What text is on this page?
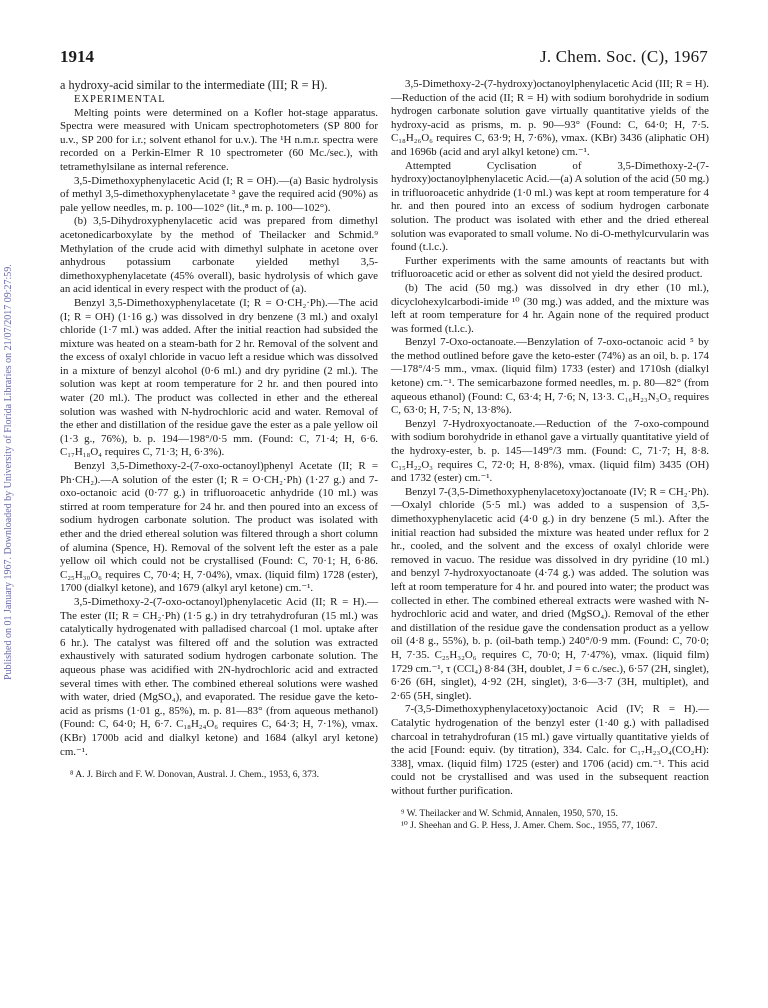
1914	J. Chem. Soc. (C), 1967
Published on 01 January 1967. Downloaded by University of Florida Libraries on 21/07/2017 09:27:59.

a hydroxy-acid similar to the intermediate (III; R = H).

EXPERIMENTAL

Melting points were determined on a Kofler hot-stage apparatus. Spectra were measured with Unicam spectrophotometers (SP 800 for u.v., SP 200 for i.r.; solvent ethanol for u.v.). The ¹H n.m.r. spectra were recorded on a Perkin-Elmer R 10 spectrometer (60 Mc./sec.), with tetramethylsilane as internal reference.

3,5-Dimethoxyphenylacetic Acid (I; R = OH).—(a) Basic hydrolysis of methyl 3,5-dimethoxyphenylacetate ³ gave the required acid (90%) as pale yellow needles, m. p. 100—102° (lit.,⁸ m. p. 100—102°).

(b) 3,5-Dihydroxyphenylacetic acid was prepared from dimethyl acetonedicarboxylate by the method of Theilacker and Schmid.⁹ Methylation of the crude acid with dimethyl sulphate in acetone over anhydrous potassium carbonate yielded methyl 3,5-dimethoxyphenylacetate (45% overall), basic hydrolysis of which gave an acid identical in every respect with the product of (a).

Benzyl 3,5-Dimethoxyphenylacetate (I; R = O·CH₂·Ph).—The acid (I; R = OH) (1·16 g.) was dissolved in dry benzene (3 ml.) and oxalyl chloride (1·7 ml.) was added. After the initial reaction had subsided the mixture was heated on a steam-bath for 2 hr. Removal of the solvent and the excess of oxalyl chloride in vacuo left a residue which was dissolved in a mixture of benzyl alcohol (0·6 ml.) and dry pyridine (2 ml.). The solution was kept at room temperature for 2 hr. and then poured into water (20 ml.). The product was collected in ether and the ethereal solution was washed with N-hydrochloric acid and water. Removal of the ether and distillation of the residue gave the ester as a pale yellow oil (1·3 g., 76%), b. p. 194—198°/0·5 mm. (Found: C, 71·4; H, 6·6. C₁₇H₁₈O₄ requires C, 71·3; H, 6·3%).

Benzyl 3,5-Dimethoxy-2-(7-oxo-octanoyl)phenyl Acetate (II; R = Ph·CH₂).—A solution of the ester (I; R = O·CH₂·Ph) (1·27 g.) and 7-oxo-octanoic acid (0·77 g.) in trifluoroacetic anhydride (10 ml.) was stirred at room temperature for 24 hr. and then poured into an excess of sodium hydrogen carbonate solution. The product was isolated with ether and the dried ethereal solution was filtered through a short column of alumina (Spence, H). Removal of the solvent left the ester as a pale yellow oil which could not be crystallised (Found: C, 70·1; H, 6·86. C₂₅H₃₀O₆ requires C, 70·4; H, 7·04%), νmax. (liquid film) 1728 (ester), 1700 (dialkyl ketone), and 1679 (alkyl aryl ketone) cm.⁻¹.

3,5-Dimethoxy-2-(7-oxo-octanoyl)phenylacetic Acid (II; R = H).—The ester (II; R = CH₂·Ph) (1·5 g.) in dry tetrahydrofuran (15 ml.) was catalytically hydrogenated with palladised charcoal (1 mol. uptake after 6 hr.). The catalyst was filtered off and the solution was extracted exhaustively with saturated sodium hydrogen carbonate solution. The aqueous phase was acidified with 2N-hydrochloric acid and extracted several times with ether. The combined ethereal solutions were washed with water, dried (MgSO₄), and evaporated. The residue gave the keto-acid as prisms (1·01 g., 85%), m. p. 81—83° (from aqueous methanol) (Found: C, 64·0; H, 6·7. C₁₈H₂₄O₆ requires C, 64·3; H, 7·1%), νmax. (KBr) 1700b acid and dialkyl ketone) and 1684 (alkyl aryl ketone) cm.⁻¹.

⁸ A. J. Birch and F. W. Donovan, Austral. J. Chem., 1953, 6, 373.

3,5-Dimethoxy-2-(7-hydroxy)octanoylphenylacetic Acid (III; R = H).—Reduction of the acid (II; R = H) with sodium borohydride in sodium hydrogen carbonate solution gave virtually quantitative yields of the hydroxy-acid as prisms, m. p. 90—93° (Found: C, 64·0; H, 7·5. C₁₈H₂₆O₆ requires C, 63·9; H, 7·6%), νmax. (KBr) 3436 (aliphatic OH) and 1696b (acid and aryl alkyl ketone) cm.⁻¹.

Attempted Cyclisation of 3,5-Dimethoxy-2-(7-hydroxy)octanoylphenylacetic Acid.—(a) A solution of the acid (50 mg.) in trifluoroacetic anhydride (1·0 ml.) was kept at room temperature for 4 hr. and then poured into an excess of sodium hydrogen carbonate solution. The product was isolated with ether and the dried ethereal solution was evaporated to small volume. No di-O-methylcurvularin was found (t.l.c.).

Further experiments with the same amounts of reactants but with trifluoroacetic acid or ether as solvent did not yield the desired product.

(b) The acid (50 mg.) was dissolved in dry ether (10 ml.), dicyclohexylcarbodi-imide ¹⁰ (30 mg.) was added, and the mixture was left at room temperature for 4 hr. Again none of the required product was formed (t.l.c.).

Benzyl 7-Oxo-octanoate.—Benzylation of 7-oxo-octanoic acid ⁵ by the method outlined before gave the keto-ester (74%) as an oil, b. p. 174—178°/4·5 mm., νmax. (liquid film) 1733 (ester) and 1710sh (dialkyl ketone) cm.⁻¹. The semicarbazone formed needles, m. p. 80—82° (from aqueous ethanol) (Found: C, 63·4; H, 7·6; N, 13·3. C₁₆H₂₃N₃O₃ requires C, 63·0; H, 7·5; N, 13·8%).

Benzyl 7-Hydroxyoctanoate.—Reduction of the 7-oxo-compound with sodium borohydride in ethanol gave a virtually quantitative yield of the hydroxy-ester, b. p. 145—149°/3 mm. (Found: C, 71·7; H, 8·8. C₁₅H₂₂O₃ requires C, 72·0; H, 8·8%), νmax. (liquid film) 3435 (OH) and 1732 (ester) cm.⁻¹.

Benzyl 7-(3,5-Dimethoxyphenylacetoxy)octanoate (IV; R = CH₂·Ph).—Oxalyl chloride (5·5 ml.) was added to a suspension of 3,5-dimethoxyphenylacetic acid (4·0 g.) in dry benzene (5 ml.). After the initial reaction had subsided the mixture was heated under reflux for 2 hr., cooled, and the solvent and the excess of oxalyl chloride were removed in vacuo. The residue was dissolved in dry pyridine (10 ml.) and benzyl 7-hydroxyoctanoate (4·74 g.) was added. The solution was left at room temperature for 4 hr. and poured into water; the product was collected in ether. The combined ethereal extracts were washed with N-hydrochloric acid and water, and dried (MgSO₄). Removal of the ether and distillation of the residue gave the condensation product as a yellow oil (4·8 g., 55%), b. p. (oil-bath temp.) 240°/0·9 mm. (Found: C, 70·0; H, 7·35. C₂₅H₃₂O₆ requires C, 70·0; H, 7·47%), νmax. (liquid film) 1729 cm.⁻¹, τ (CCl₄) 8·84 (3H, doublet, J = 6 c./sec.), 6·57 (2H, singlet), 6·26 (6H, singlet), 4·92 (2H, singlet), 3·6—3·7 (3H, multiplet), and 2·65 (5H, singlet).

7-(3,5-Dimethoxyphenylacetoxy)octanoic Acid (IV; R = H).—Catalytic hydrogenation of the benzyl ester (1·40 g.) with palladised charcoal in tetrahydrofuran (15 ml.) gave virtually quantitative yields of the acid [Found: equiv. (by titration), 334. Calc. for C₁₇H₂₃O₄(CO₂H): 338], νmax. (liquid film) 1725 (ester) and 1706 (acid) cm.⁻¹. This acid could not be crystallised and was used in the subsequent reaction without further purification.

⁹ W. Theilacker and W. Schmid, Annalen, 1950, 570, 15.

¹⁰ J. Sheehan and G. P. Hess, J. Amer. Chem. Soc., 1955, 77, 1067.
